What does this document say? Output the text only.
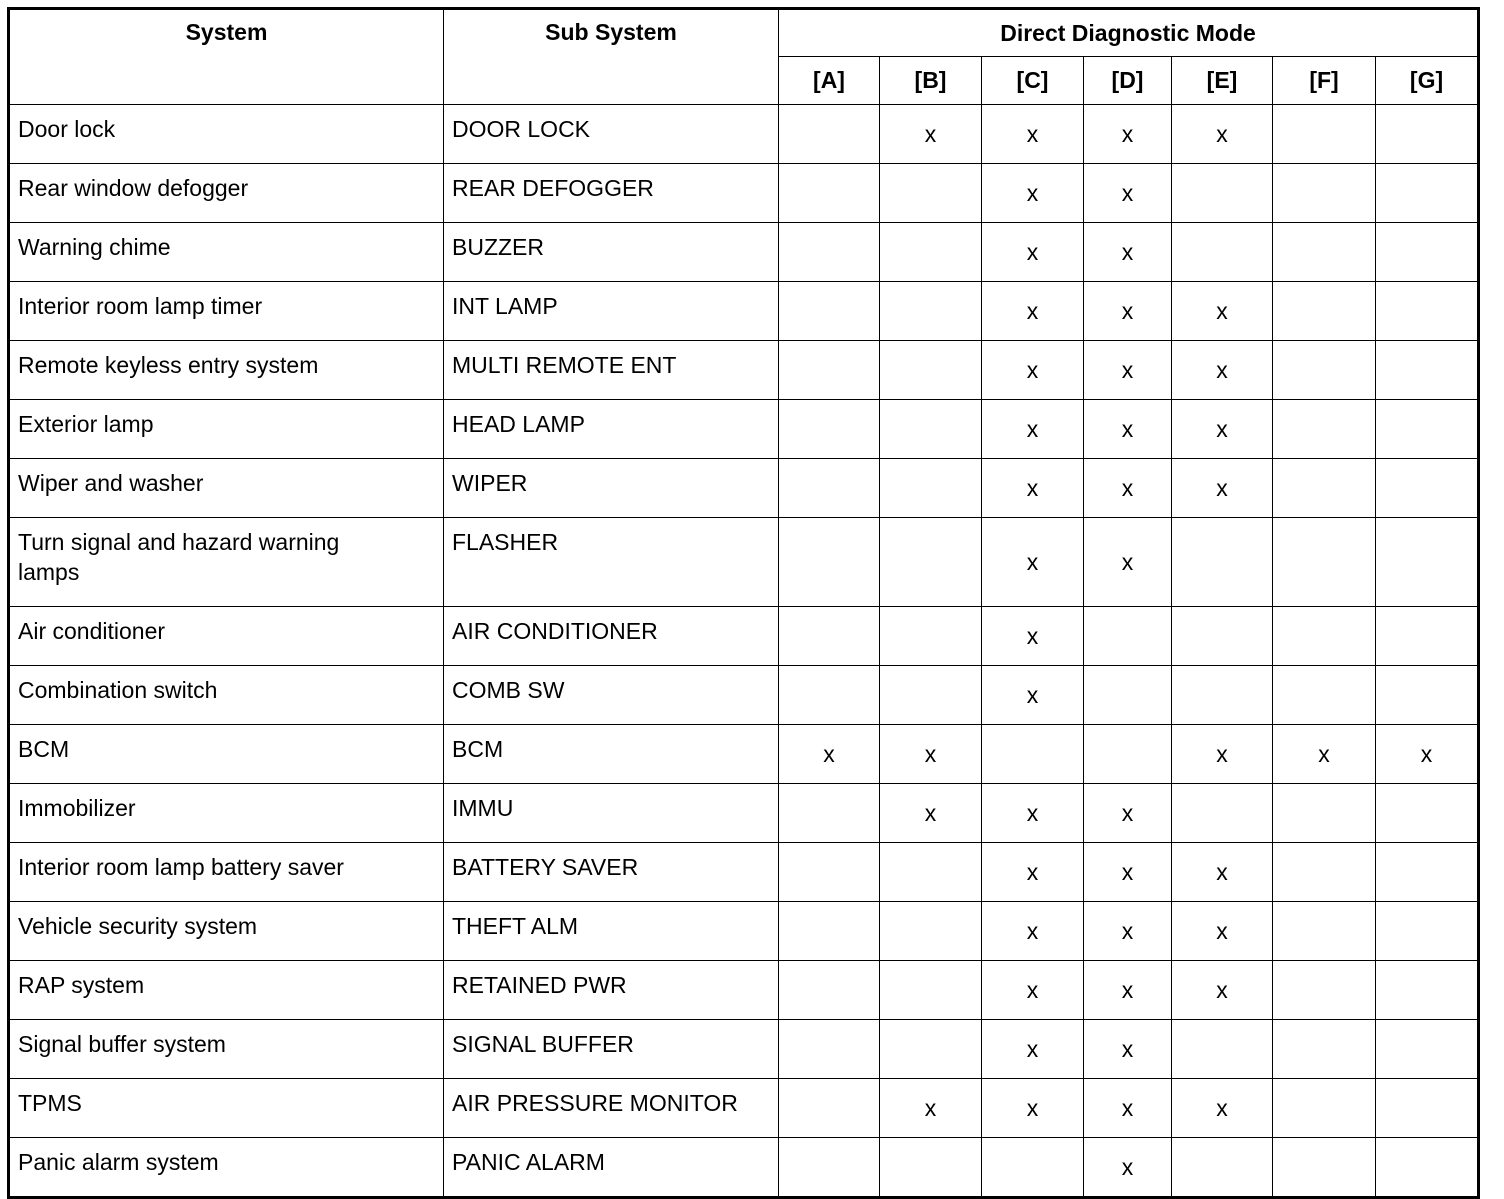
System	Sub System	Direct Diagnostic Mode						
		[A]	[B]	[C]	[D]	[E]	[F]	[G]

Door lock	DOOR LOCK		x	x	x	x		

Rear window defogger	REAR DEFOGGER			x	x			

Warning chime	BUZZER			x	x			

Interior room lamp timer	INT LAMP			x	x	x		

Remote keyless entry system	MULTI REMOTE ENT			x	x	x		

Exterior lamp	HEAD LAMP			x	x	x		

Wiper and washer	WIPER			x	x	x		

Turn signal and hazard warning lamps	FLASHER			x	x			

Air conditioner	AIR CONDITIONER			x				

Combination switch	COMB SW			x				

BCM	BCM	x	x			x	x	x

Immobilizer	IMMU		x	x	x			

Interior room lamp battery saver	BATTERY SAVER			x	x	x		

Vehicle security system	THEFT ALM			x	x	x		

RAP system	RETAINED PWR			x	x	x		

Signal buffer system	SIGNAL BUFFER			x	x			

TPMS	AIR PRESSURE MONITOR		x	x	x	x		

Panic alarm system	PANIC ALARM				x			
